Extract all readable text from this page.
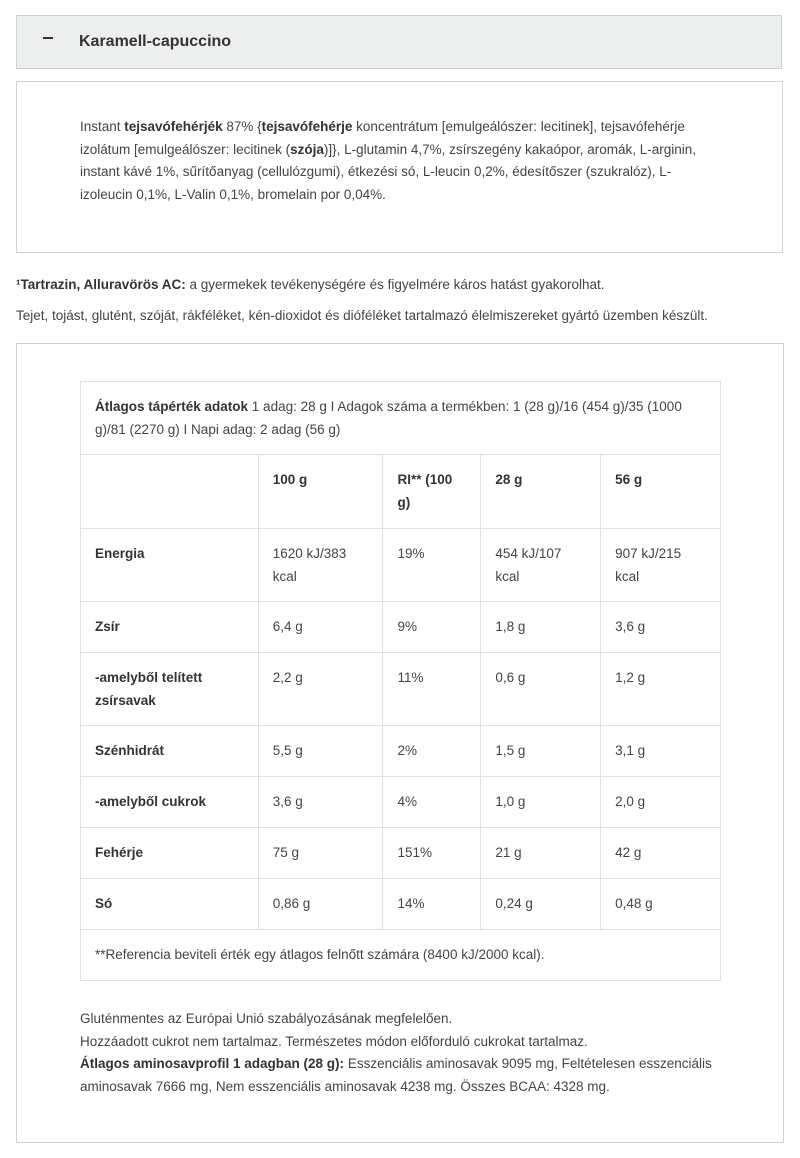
Karamell-capuccino
Instant tejsavófehérjék 87% {tejsavófehérje koncentrátum [emulgeálószer: lecitinek], tejsavófehérje izolátum [emulgeálószer: lecitinek (szója)]}, L-glutamin 4,7%, zsírszegény kakaópor, aromák, L-arginin, instant kávé 1%, sűrítőanyag (cellulózgumi), étkezési só, L-leucin 0,2%, édesítőszer (szukralóz), L-izoleucin 0,1%, L-Valin 0,1%, bromelain por 0,04%.
¹Tartrazin, Alluravörös AC: a gyermekek tevékenységére és figyelmére káros hatást gyakorolhat.
Tejet, tojást, glutént, szóját, rákféléket, kén-dioxidot és dióféléket tartalmazó élelmiszereket gyártó üzemben készült.
Átlagos tápérték adatok 1 adag: 28 g I Adagok száma a termékben: 1 (28 g)/16 (454 g)/35 (1000 g)/81 (2270 g) I Napi adag: 2 adag (56 g)				
	100 g	RI** (100 g)	28 g	56 g
Energia	1620 kJ/383 kcal	19%	454 kJ/107 kcal	907 kJ/215 kcal
Zsír	6,4 g	9%	1,8 g	3,6 g
-amelyből telített zsírsavak	2,2 g	11%	0,6 g	1,2 g
Szénhidrát	5,5 g	2%	1,5 g	3,1 g
-amelyből cukrok	3,6 g	4%	1,0 g	2,0 g
Fehérje	75 g	151%	21 g	42 g
Só	0,86 g	14%	0,24 g	0,48 g
**Referencia beviteli érték egy átlagos felnőtt számára (8400 kJ/2000 kcal).				
Gluténmentes az Európai Unió szabályozásának megfelelően.
Hozzáadott cukrot nem tartalmaz. Természetes módon előforduló cukrokat tartalmaz.
Átlagos aminosavprofil 1 adagban (28 g): Esszenciális aminosavak 9095 mg, Feltételesen esszenciális aminosavak 7666 mg, Nem esszenciális aminosavak 4238 mg. Összes BCAA: 4328 mg.
